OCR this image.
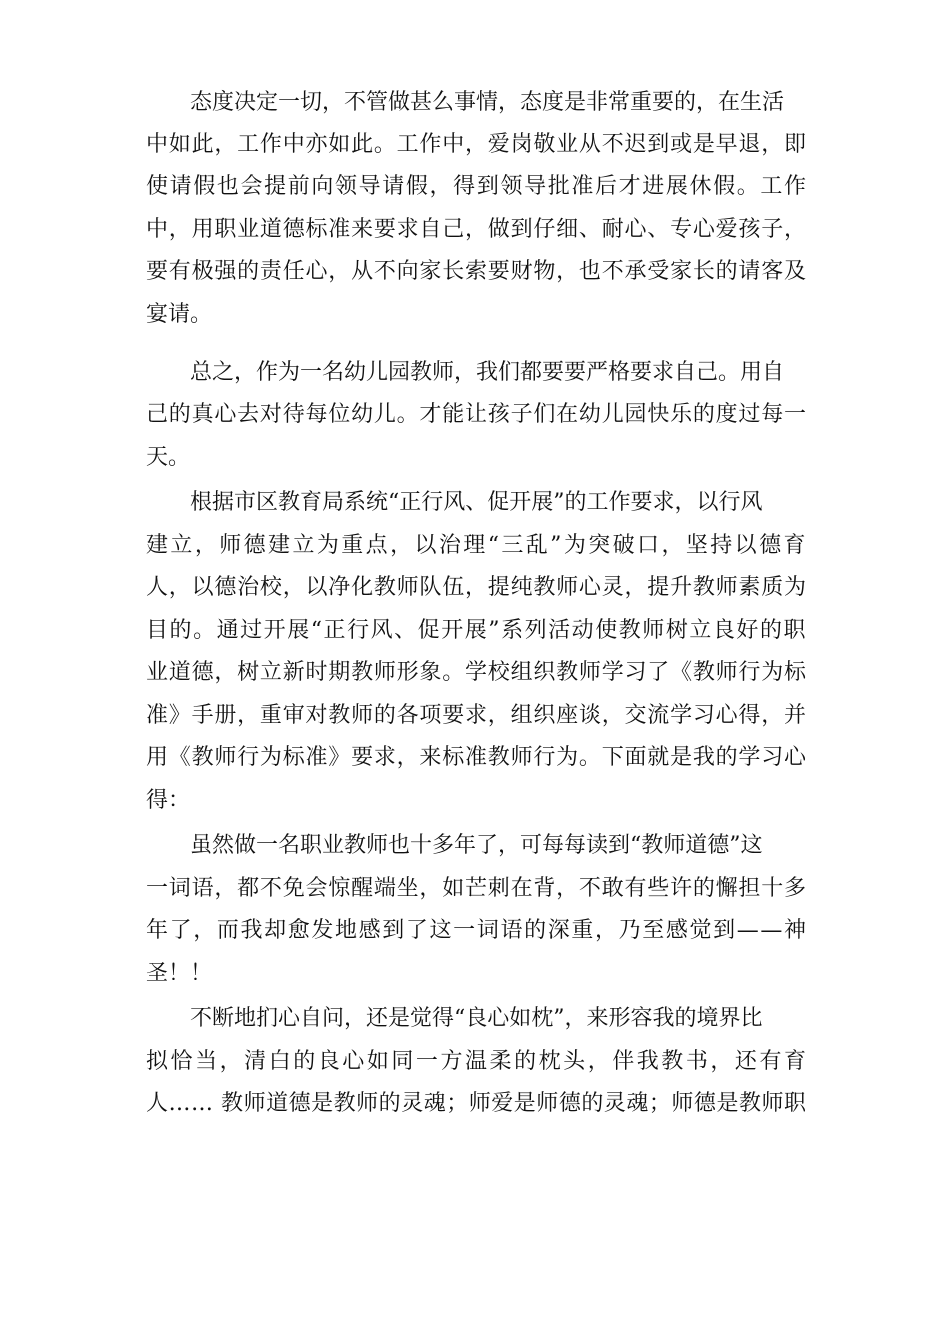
态度决定一切，不管做甚么事情，态度是非常重要的，在生活
中如此，工作中亦如此。工作中，爱岗敬业从不迟到或是早退，即
使请假也会提前向领导请假，得到领导批准后才进展休假。工作
中，用职业道德标准来要求自己，做到仔细、耐心、专心爱孩子，
要有极强的责任心，从不向家长索要财物，也不承受家长的请客及
宴请。
总之，作为一名幼儿园教师，我们都要要严格要求自己。用自
己的真心去对待每位幼儿。才能让孩子们在幼儿园快乐的度过每一
天。
根据市区教育局系统“正行风、促开展”的工作要求，以行风
建立，师德建立为重点，以治理“三乱”为突破口，坚持以德育
人，以德治校，以净化教师队伍，提纯教师心灵，提升教师素质为
目的。通过开展“正行风、促开展”系列活动使教师树立良好的职
业道德，树立新时期教师形象。学校组织教师学习了《教师行为标
准》手册，重审对教师的各项要求，组织座谈，交流学习心得，并
用《教师行为标准》要求，来标准教师行为。下面就是我的学习心
得：
虽然做一名职业教师也十多年了，可每每读到“教师道德”这
一词语，都不免会惊醒端坐，如芒刺在背，不敢有些许的懈担十多
年了，而我却愈发地感到了这一词语的深重，乃至感觉到——神
圣！！
不断地扪心自问，还是觉得“良心如枕”，来形容我的境界比
拟恰当，清白的良心如同一方温柔的枕头，伴我教书，还有育
人…… 教师道德是教师的灵魂；师爱是师德的灵魂；师德是教师职
